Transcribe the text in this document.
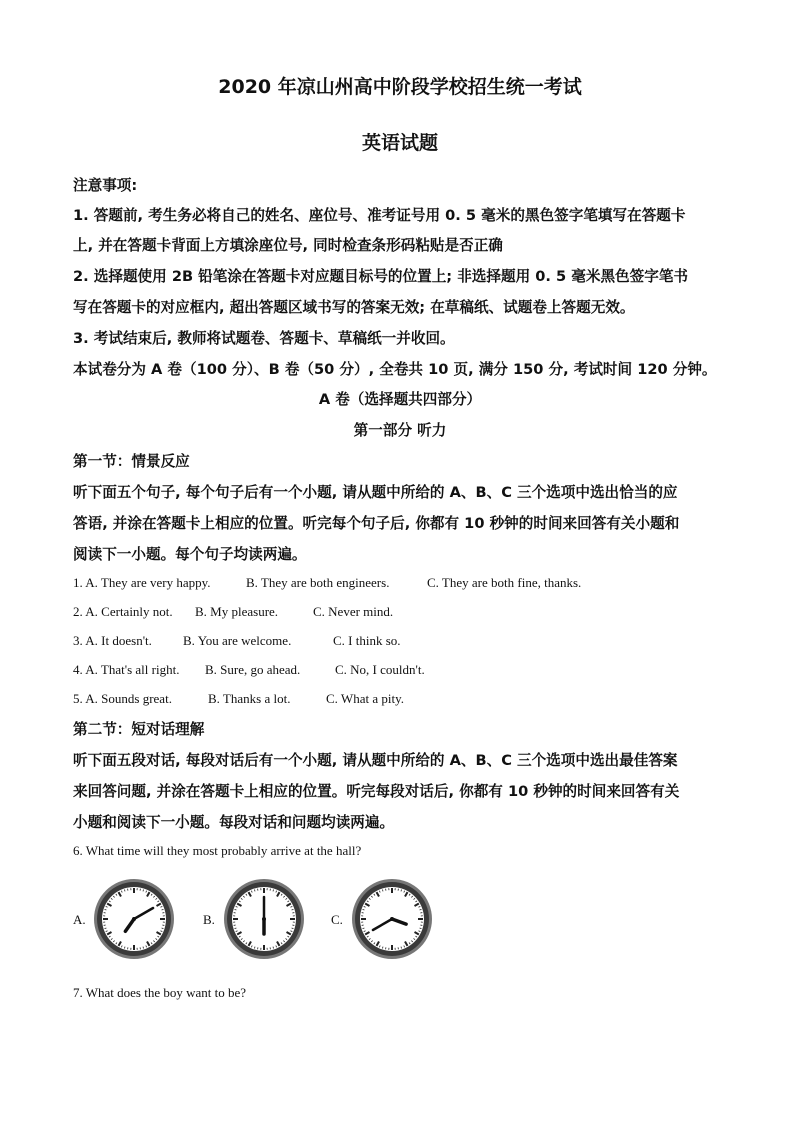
2020 年凉山州高中阶段学校招生统一考试
英语试题
注意事项:
1. 答题前, 考生务必将自己的姓名、座位号、准考证号用 0. 5 毫米的黑色签字笔填写在答题卡
上, 并在答题卡背面上方填涂座位号, 同时检查条形码粘贴是否正确
2. 选择题使用 2B 铅笔涂在答题卡对应题目标号的位置上; 非选择题用 0. 5 毫米黑色签字笔书
写在答题卡的对应框内, 超出答题区域书写的答案无效; 在草稿纸、试题卷上答题无效。
3. 考试结束后, 教师将试题卷、答题卡、草稿纸一并收回。
本试卷分为 A 卷（100 分）、B 卷（50 分）, 全卷共 10 页, 满分 150 分, 考试时间 120 分钟。
A 卷（选择题共四部分）
第一部分 听力
第一节：情景反应
听下面五个句子, 每个句子后有一个小题, 请从题中所给的 A、B、C 三个选项中选出恰当的应
答语, 并涂在答题卡上相应的位置。听完每个句子后, 你都有 10 秒钟的时间来回答有关小题和
阅读下一小题。每个句子均读两遍。
1. A. They are very happy.	B. They are both engineers.	C. They are both fine, thanks.
2. A. Certainly not. B. My pleasure.	C. Never mind.
3. A. It doesn't. B. You are welcome.	C. I think so.
4. A. That's all right. B. Sure, go ahead.	C. No, I couldn't.
5. A. Sounds great.	B. Thanks a lot.	C. What a pity.
第二节：短对话理解
听下面五段对话, 每段对话后有一个小题, 请从题中所给的 A、B、C 三个选项中选出最佳答案
来回答问题, 并涂在答题卡上相应的位置。听完每段对话后, 你都有 10 秒钟的时间来回答有关
小题和阅读下一小题。每段对话和问题均读两遍。
6. What time will they most probably arrive at the hall?
A.	B.	C.
7. What does the boy want to be?
